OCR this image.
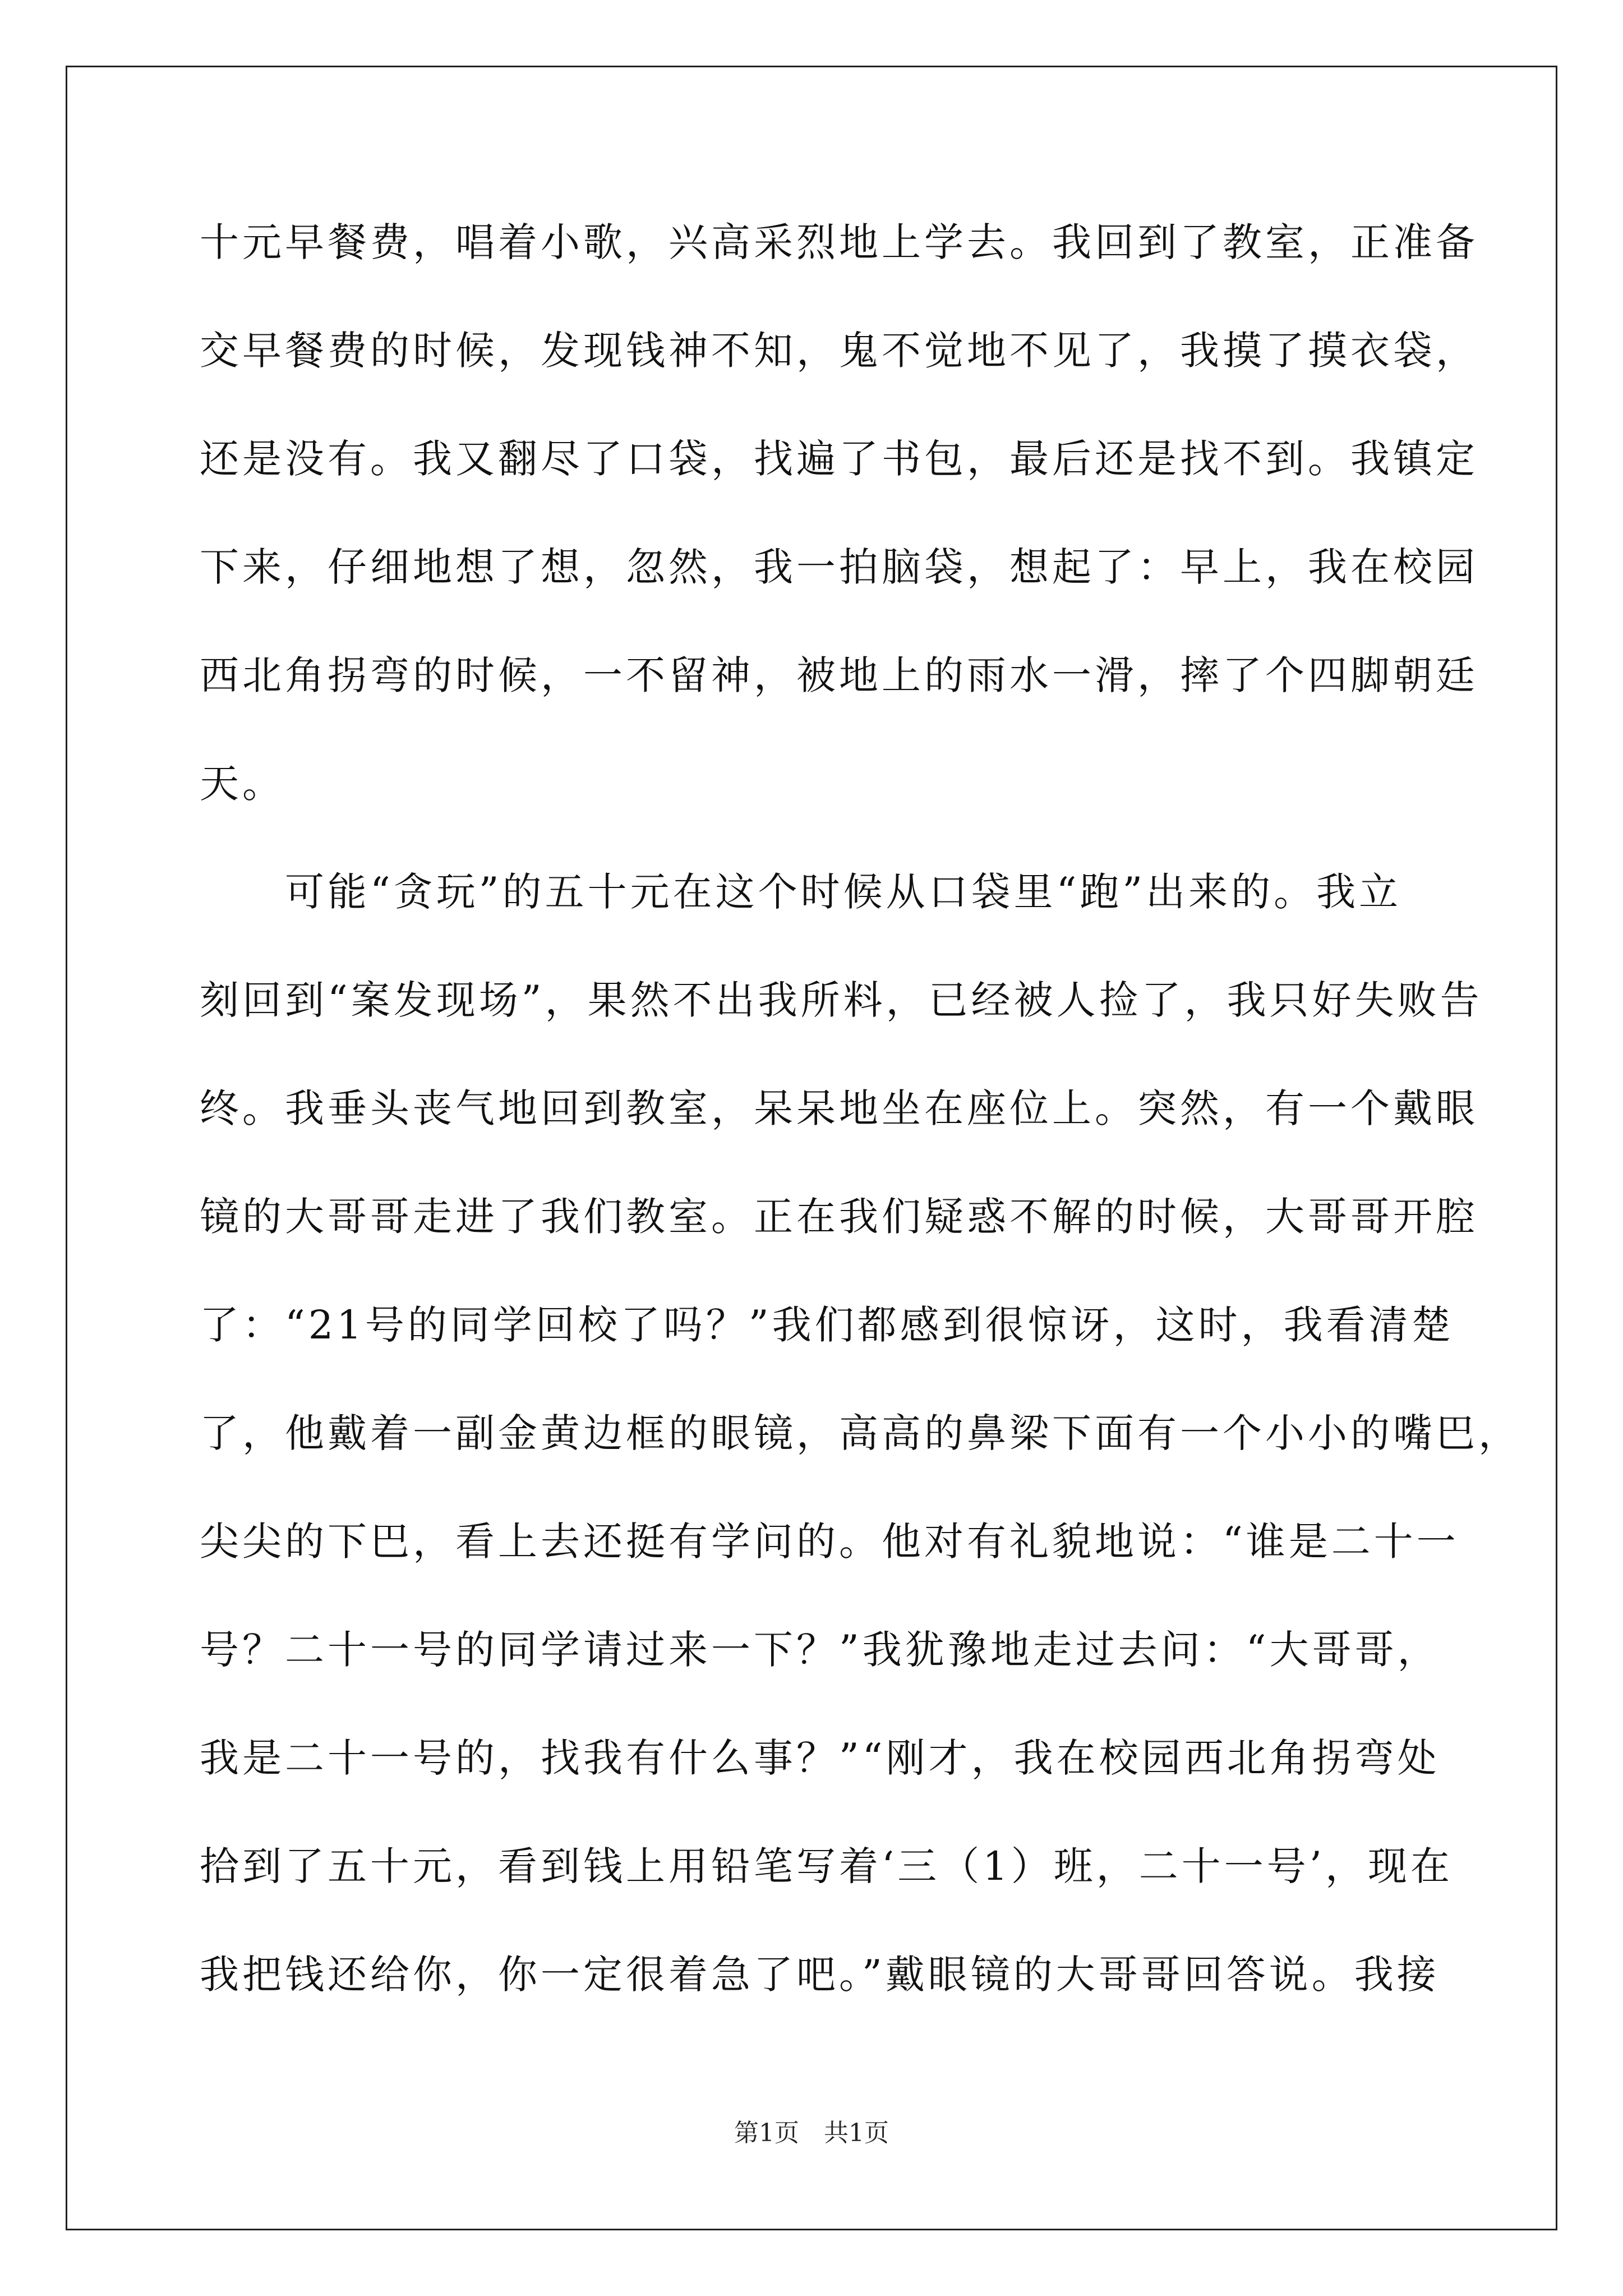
十元早餐费，唱着小歌，兴高采烈地上学去。我回到了教室，正准备
交早餐费的时候，发现钱神不知，鬼不觉地不见了，我摸了摸衣袋，
还是没有。我又翻尽了口袋，找遍了书包，最后还是找不到。我镇定
下来，仔细地想了想，忽然，我一拍脑袋，想起了：早上，我在校园
西北角拐弯的时候，一不留神，被地上的雨水一滑，摔了个四脚朝廷
天。
　　可能“贪玩”的五十元在这个时候从口袋里“跑”出来的。我立
刻回到“案发现场”，果然不出我所料，已经被人捡了，我只好失败告
终。我垂头丧气地回到教室，呆呆地坐在座位上。突然，有一个戴眼
镜的大哥哥走进了我们教室。正在我们疑惑不解的时候，大哥哥开腔
了：“21号的同学回校了吗？”我们都感到很惊讶，这时，我看清楚
了，他戴着一副金黄边框的眼镜，高高的鼻梁下面有一个小小的嘴巴，
尖尖的下巴，看上去还挺有学问的。他对有礼貌地说：“谁是二十一
号？二十一号的同学请过来一下？”我犹豫地走过去问：“大哥哥，
我是二十一号的，找我有什么事？”“刚才，我在校园西北角拐弯处
拾到了五十元，看到钱上用铅笔写着‘三（1）班，二十一号’，现在
我把钱还给你，你一定很着急了吧。”戴眼镜的大哥哥回答说。我接
第1页　共1页
